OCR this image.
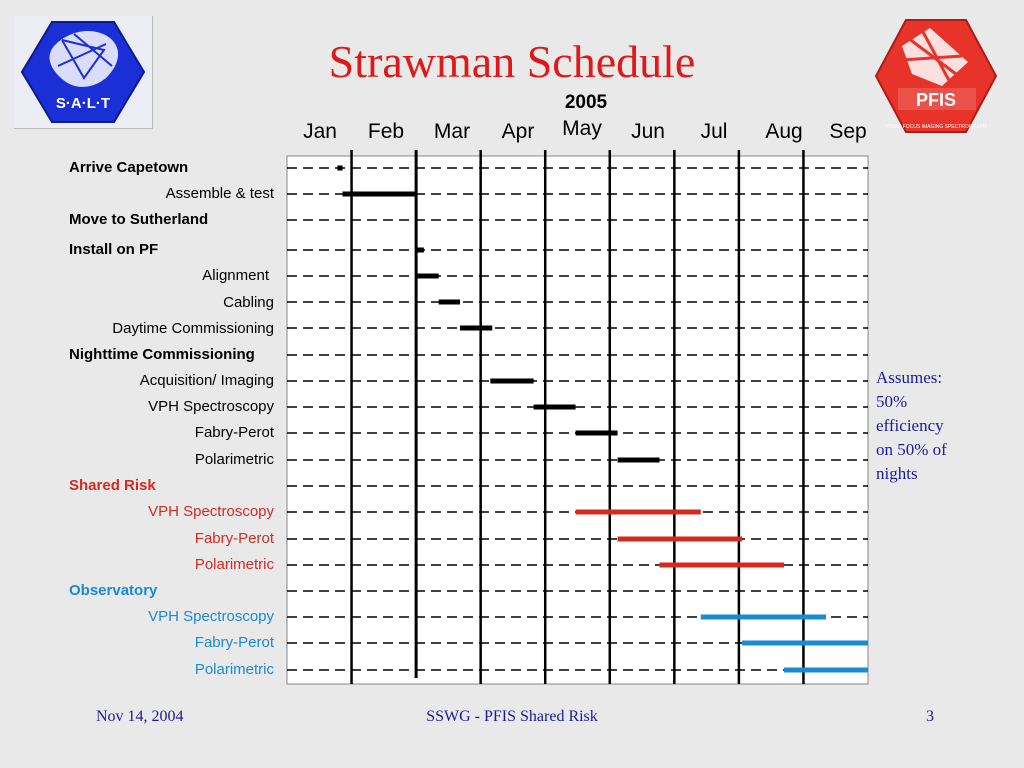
S·A·L·T	PFIS
PRIME FOCUS IMAGING SPECTROGRAPH
Strawman Schedule
2005
Jan	Feb	Mar	Apr	May	Jun	Jul	Aug	Sep
Arrive Capetown
Assemble & test
Move to Sutherland
Install on PF
Alignment
Cabling
Daytime Commissioning
Nighttime Commissioning
Acquisition/ Imaging
VPH Spectroscopy
Fabry-Perot
Polarimetric
Shared Risk
VPH Spectroscopy
Fabry-Perot
Polarimetric
Observatory
VPH Spectroscopy
Fabry-Perot
Polarimetric
Assumes:
50%
efficiency
on 50% of
nights
Nov 14, 2004	SSWG - PFIS Shared Risk	3
